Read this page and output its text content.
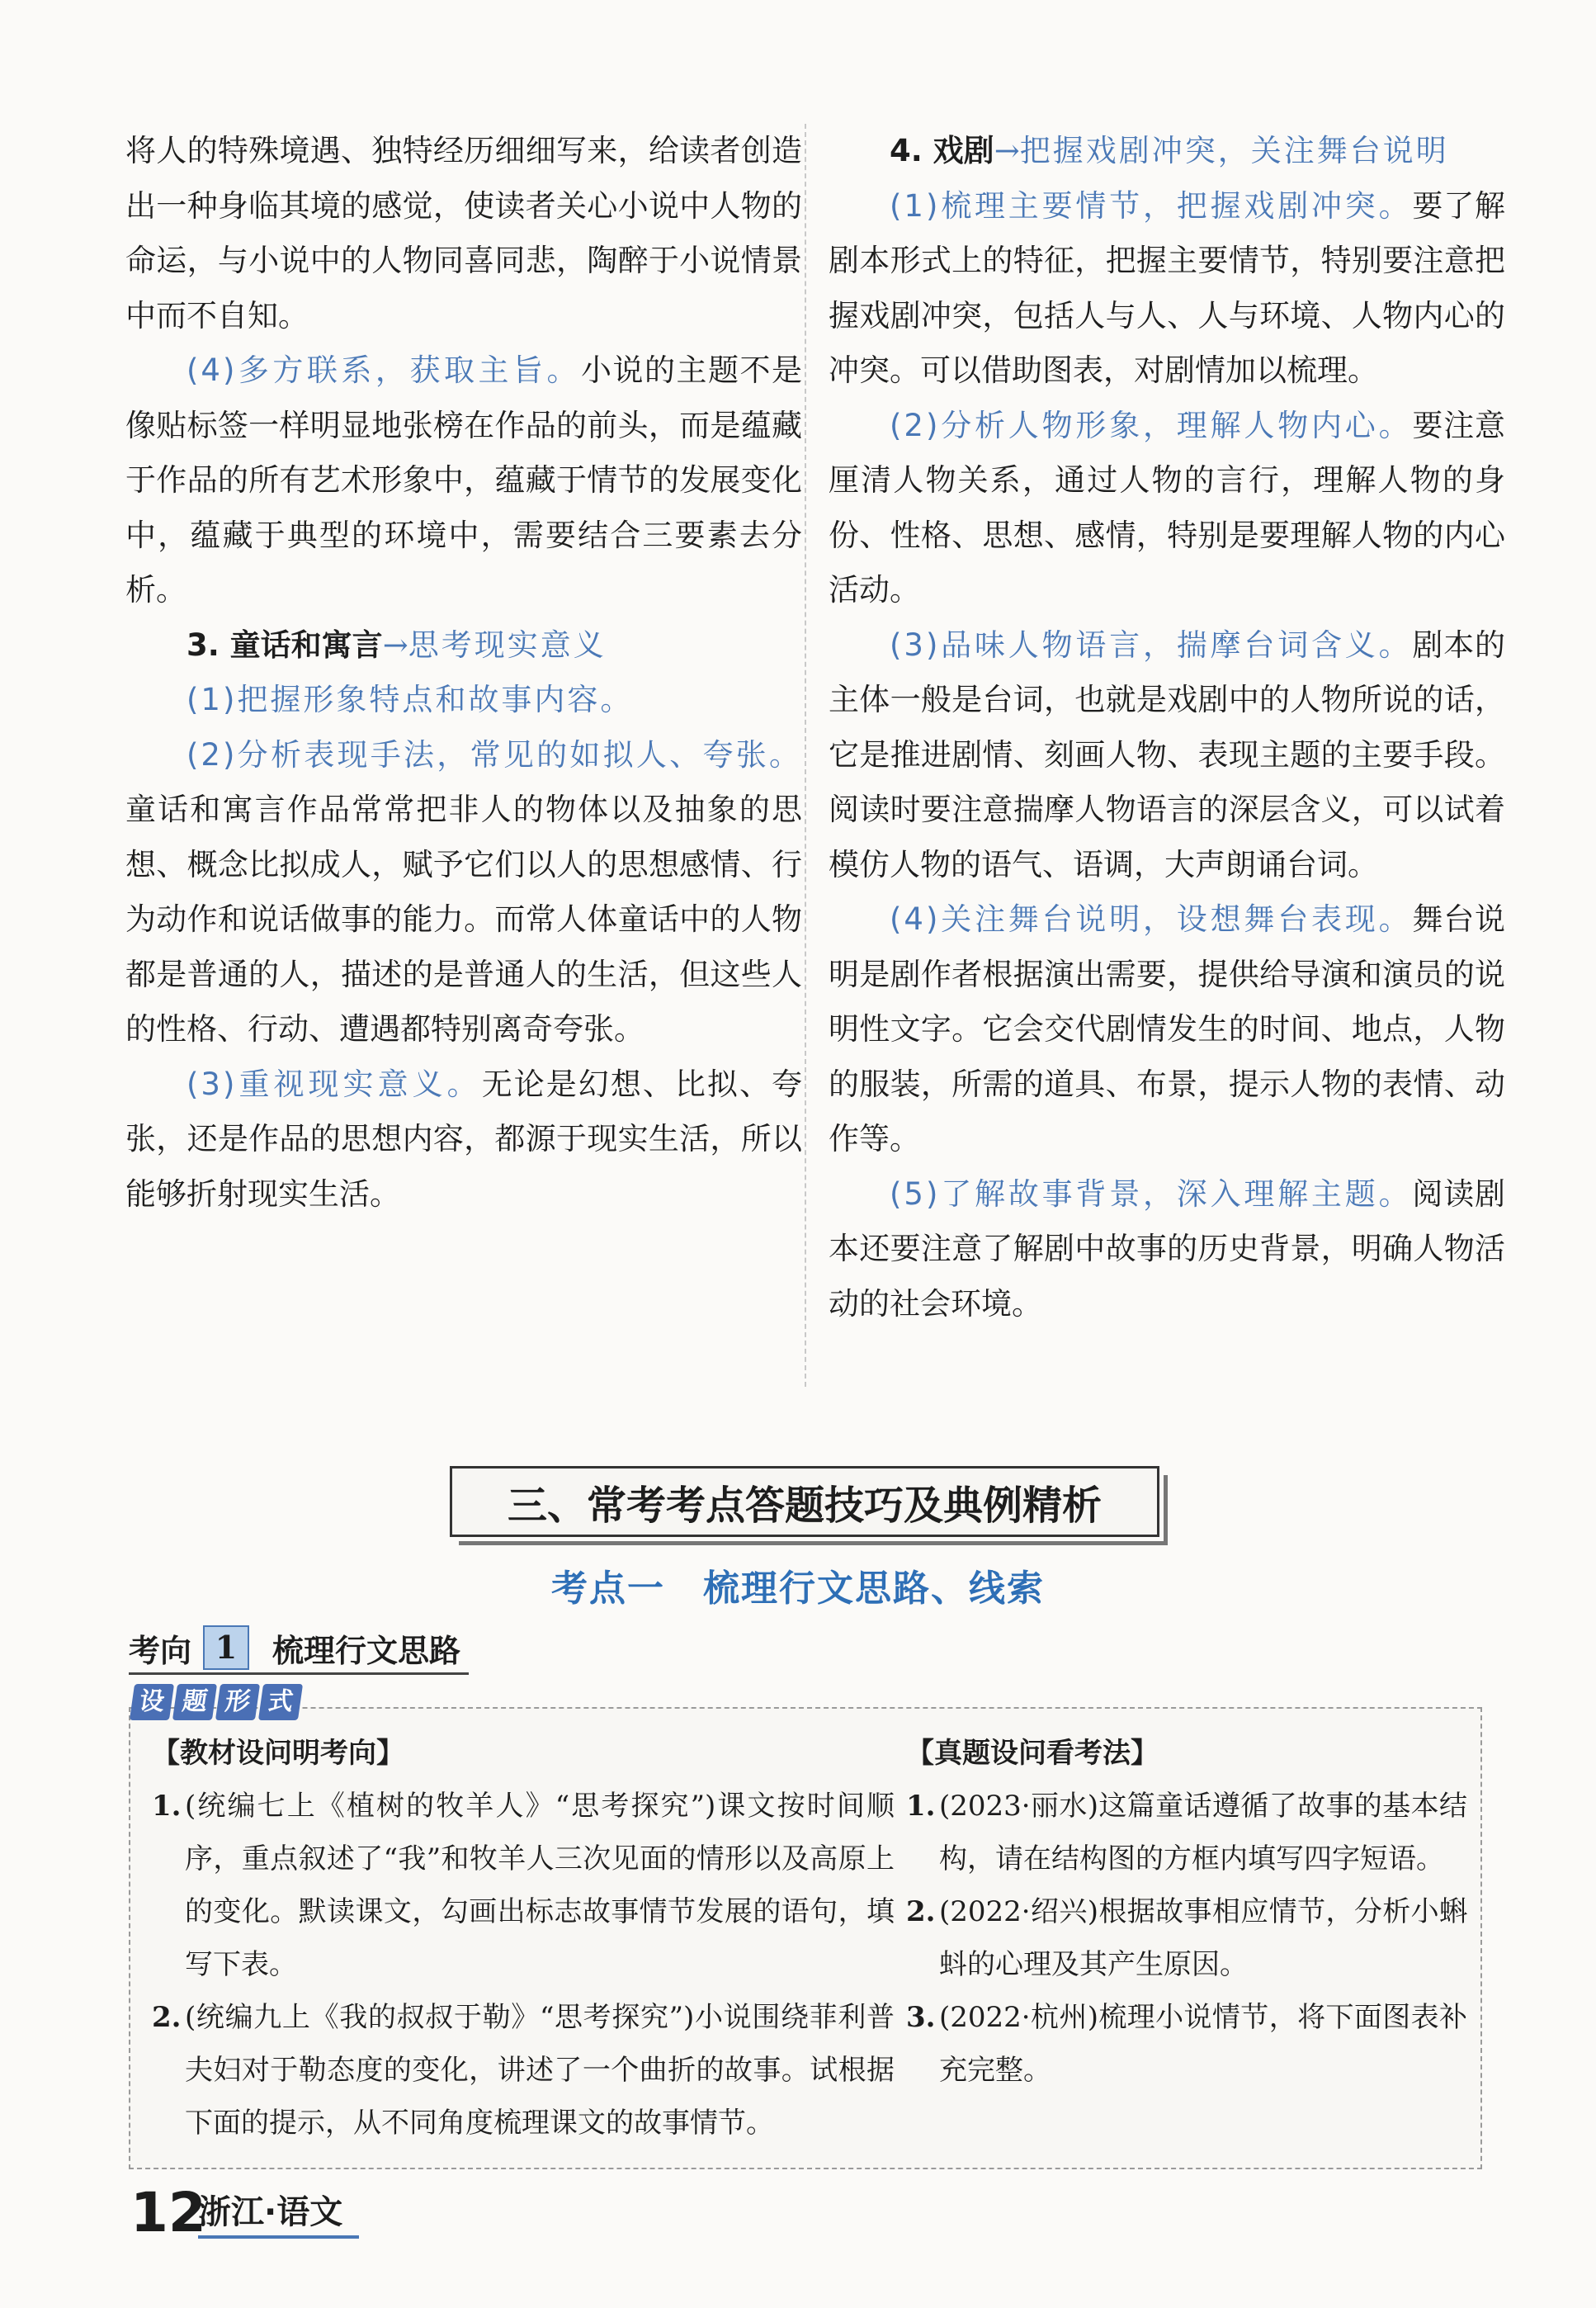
将人的特殊境遇、独特经历细细写来，给读者创造出一种身临其境的感觉，使读者关心小说中人物的命运，与小说中的人物同喜同悲，陶醉于小说情景中而不自知。

(4)多方联系，获取主旨。小说的主题不是像贴标签一样明显地张榜在作品的前头，而是蕴藏于作品的所有艺术形象中，蕴藏于情节的发展变化中，蕴藏于典型的环境中，需要结合三要素去分析。

3. 童话和寓言→思考现实意义

(1)把握形象特点和故事内容。

(2)分析表现手法，常见的如拟人、夸张。童话和寓言作品常常把非人的物体以及抽象的思想、概念比拟成人，赋予它们以人的思想感情、行为动作和说话做事的能力。而常人体童话中的人物都是普通的人，描述的是普通人的生活，但这些人的性格、行动、遭遇都特别离奇夸张。

(3)重视现实意义。无论是幻想、比拟、夸张，还是作品的思想内容，都源于现实生活，所以能够折射现实生活。

4. 戏剧→把握戏剧冲突，关注舞台说明

(1)梳理主要情节，把握戏剧冲突。要了解剧本形式上的特征，把握主要情节，特别要注意把握戏剧冲突，包括人与人、人与环境、人物内心的冲突。可以借助图表，对剧情加以梳理。

(2)分析人物形象，理解人物内心。要注意厘清人物关系，通过人物的言行，理解人物的身份、性格、思想、感情，特别是要理解人物的内心活动。

(3)品味人物语言，揣摩台词含义。剧本的主体一般是台词，也就是戏剧中的人物所说的话，它是推进剧情、刻画人物、表现主题的主要手段。阅读时要注意揣摩人物语言的深层含义，可以试着模仿人物的语气、语调，大声朗诵台词。

(4)关注舞台说明，设想舞台表现。舞台说明是剧作者根据演出需要，提供给导演和演员的说明性文字。它会交代剧情发生的时间、地点，人物的服装，所需的道具、布景，提示人物的表情、动作等。

(5)了解故事背景，深入理解主题。阅读剧本还要注意了解剧中故事的历史背景，明确人物活动的社会环境。

三、常考考点答题技巧及典例精析
考点一　梳理行文思路、线索
考向 1	梳理行文思路
【教材设问明考向】
1. (统编七上《植树的牧羊人》“思考探究”)课文按时间顺序，重点叙述了“我”和牧羊人三次见面的情形以及高原上的变化。默读课文，勾画出标志故事情节发展的语句，填写下表。
2. (统编九上《我的叔叔于勒》“思考探究”)小说围绕菲利普夫妇对于勒态度的变化，讲述了一个曲折的故事。试根据下面的提示，从不同角度梳理课文的故事情节。
【真题设问看考法】
1. (2023·丽水)这篇童话遵循了故事的基本结构，请在结构图的方框内填写四字短语。
2. (2022·绍兴)根据故事相应情节，分析小蝌蚪的心理及其产生原因。
3. (2022·杭州)梳理小说情节，将下面图表补充完整。
设 题 形 式
12
浙江·语文
